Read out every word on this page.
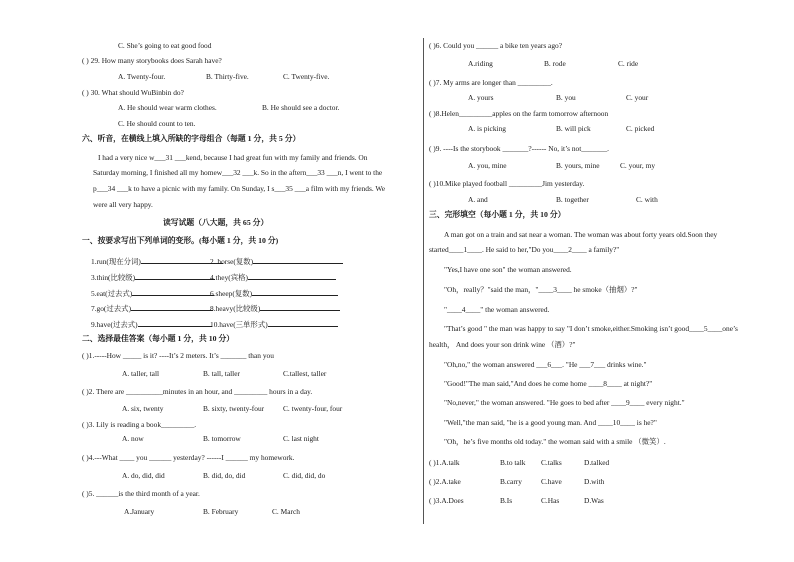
C. She’s going to eat good food
( ) 29. How many storybooks does Sarah have?
A. Twenty-four.	B. Thirty-five.	C. Twenty-five.
( ) 30. What should WuBinbin do?
A. He should wear warm clothes.	B. He should see a doctor.
C. He should count to ten.
六、听音，在横线上填入所缺的字母组合（每题 1 分，共 5 分）
I had a very nice w___31 ___kend, because I had great fun with my family and friends. On
Saturday morning, I finished all my homew___32 ___k. So in the aftern___33 ___n, I went to the
p___34 ___k to have a picnic with my family. On Sunday, I s___35 ___a film with my friends. We
were all very happy.
读写试题（八大题，共 65 分）
一、按要求写出下列单词的变形。(每小题 1 分，共 10 分)
1.run(现在分词)	2. horse(复数)
3.thin(比较级)	4.they(宾格)
5.eat(过去式)	6.sheep(复数)
7.go(过去式)	8.heavy(比较级)
9.have(过去式)	10.have(三单形式)
二、选择最佳答案（每小题 1 分，共 10 分）
( )1.-----How _____ is it? ----It’s 2 meters. It’s _______ than you
A. taller, tall	B. tall, taller	C.tallest, taller
( )2. There are __________minutes in an hour, and _________ hours in a day.
A. six, twenty	B. sixty, twenty-four	C. twenty-four, four
( )3. Lily is reading a book_________.
A. now	B. tomorrow	C. last night
( )4.---What ____ you ______ yesterday? ------I ______ my homework.
A. do, did, did	B. did, do, did	C. did, did, do
( )5. ______is the third month of a year.
A.January	B. February	C. March
( )6. Could you ______ a bike ten years ago?
A.riding	B. rode	C. ride
( )7. My arms are longer than _________.
A. yours	B. you	C. your
( )8.Helen_________apples on the farm tomorrow afternoon
A. is picking	B. will pick	C. picked
( )9. ----Is the storybook _______?------ No, it’s not_______.
A. you, mine	B. yours, mine	C. your, my
( )10.Mike played football _________Jim yesterday.
A. and	B. together	C. with
三、完形填空（每小题 1 分，共 10 分）
A man got on a train and sat near a woman. The woman was about forty years old.Soon they
started____1____. He said to her,"Do you____2____ a family?"
"Yes,I have one son" the woman answered.
"Oh，really？"said the man，"____3____ he smoke（抽烟）?"
"____4____" the woman answered.
"That’s good " the man was happy to say "I don’t smoke,either.Smoking isn’t good____5____one’s
health， And does your son drink wine （酒）?"
"Oh,no," the woman answered ___6___. "He ___7___ drinks wine."
"Good!"The man said,"And does he come home ____8____ at night?"
"No,never," the woman answered. "He goes to bed after ____9____ every night."
"Well,"the man said, "he is a good young man. And ____10____ is he?"
"Oh，he’s five months old today." the woman said with a smile （微笑）.
( )1.A.talk	B.to talk C.talks	D.talked
( )2.A.take	B.carry	C.have	D.with
( )3.A.Does	B.Is	C.Has	D.Was
